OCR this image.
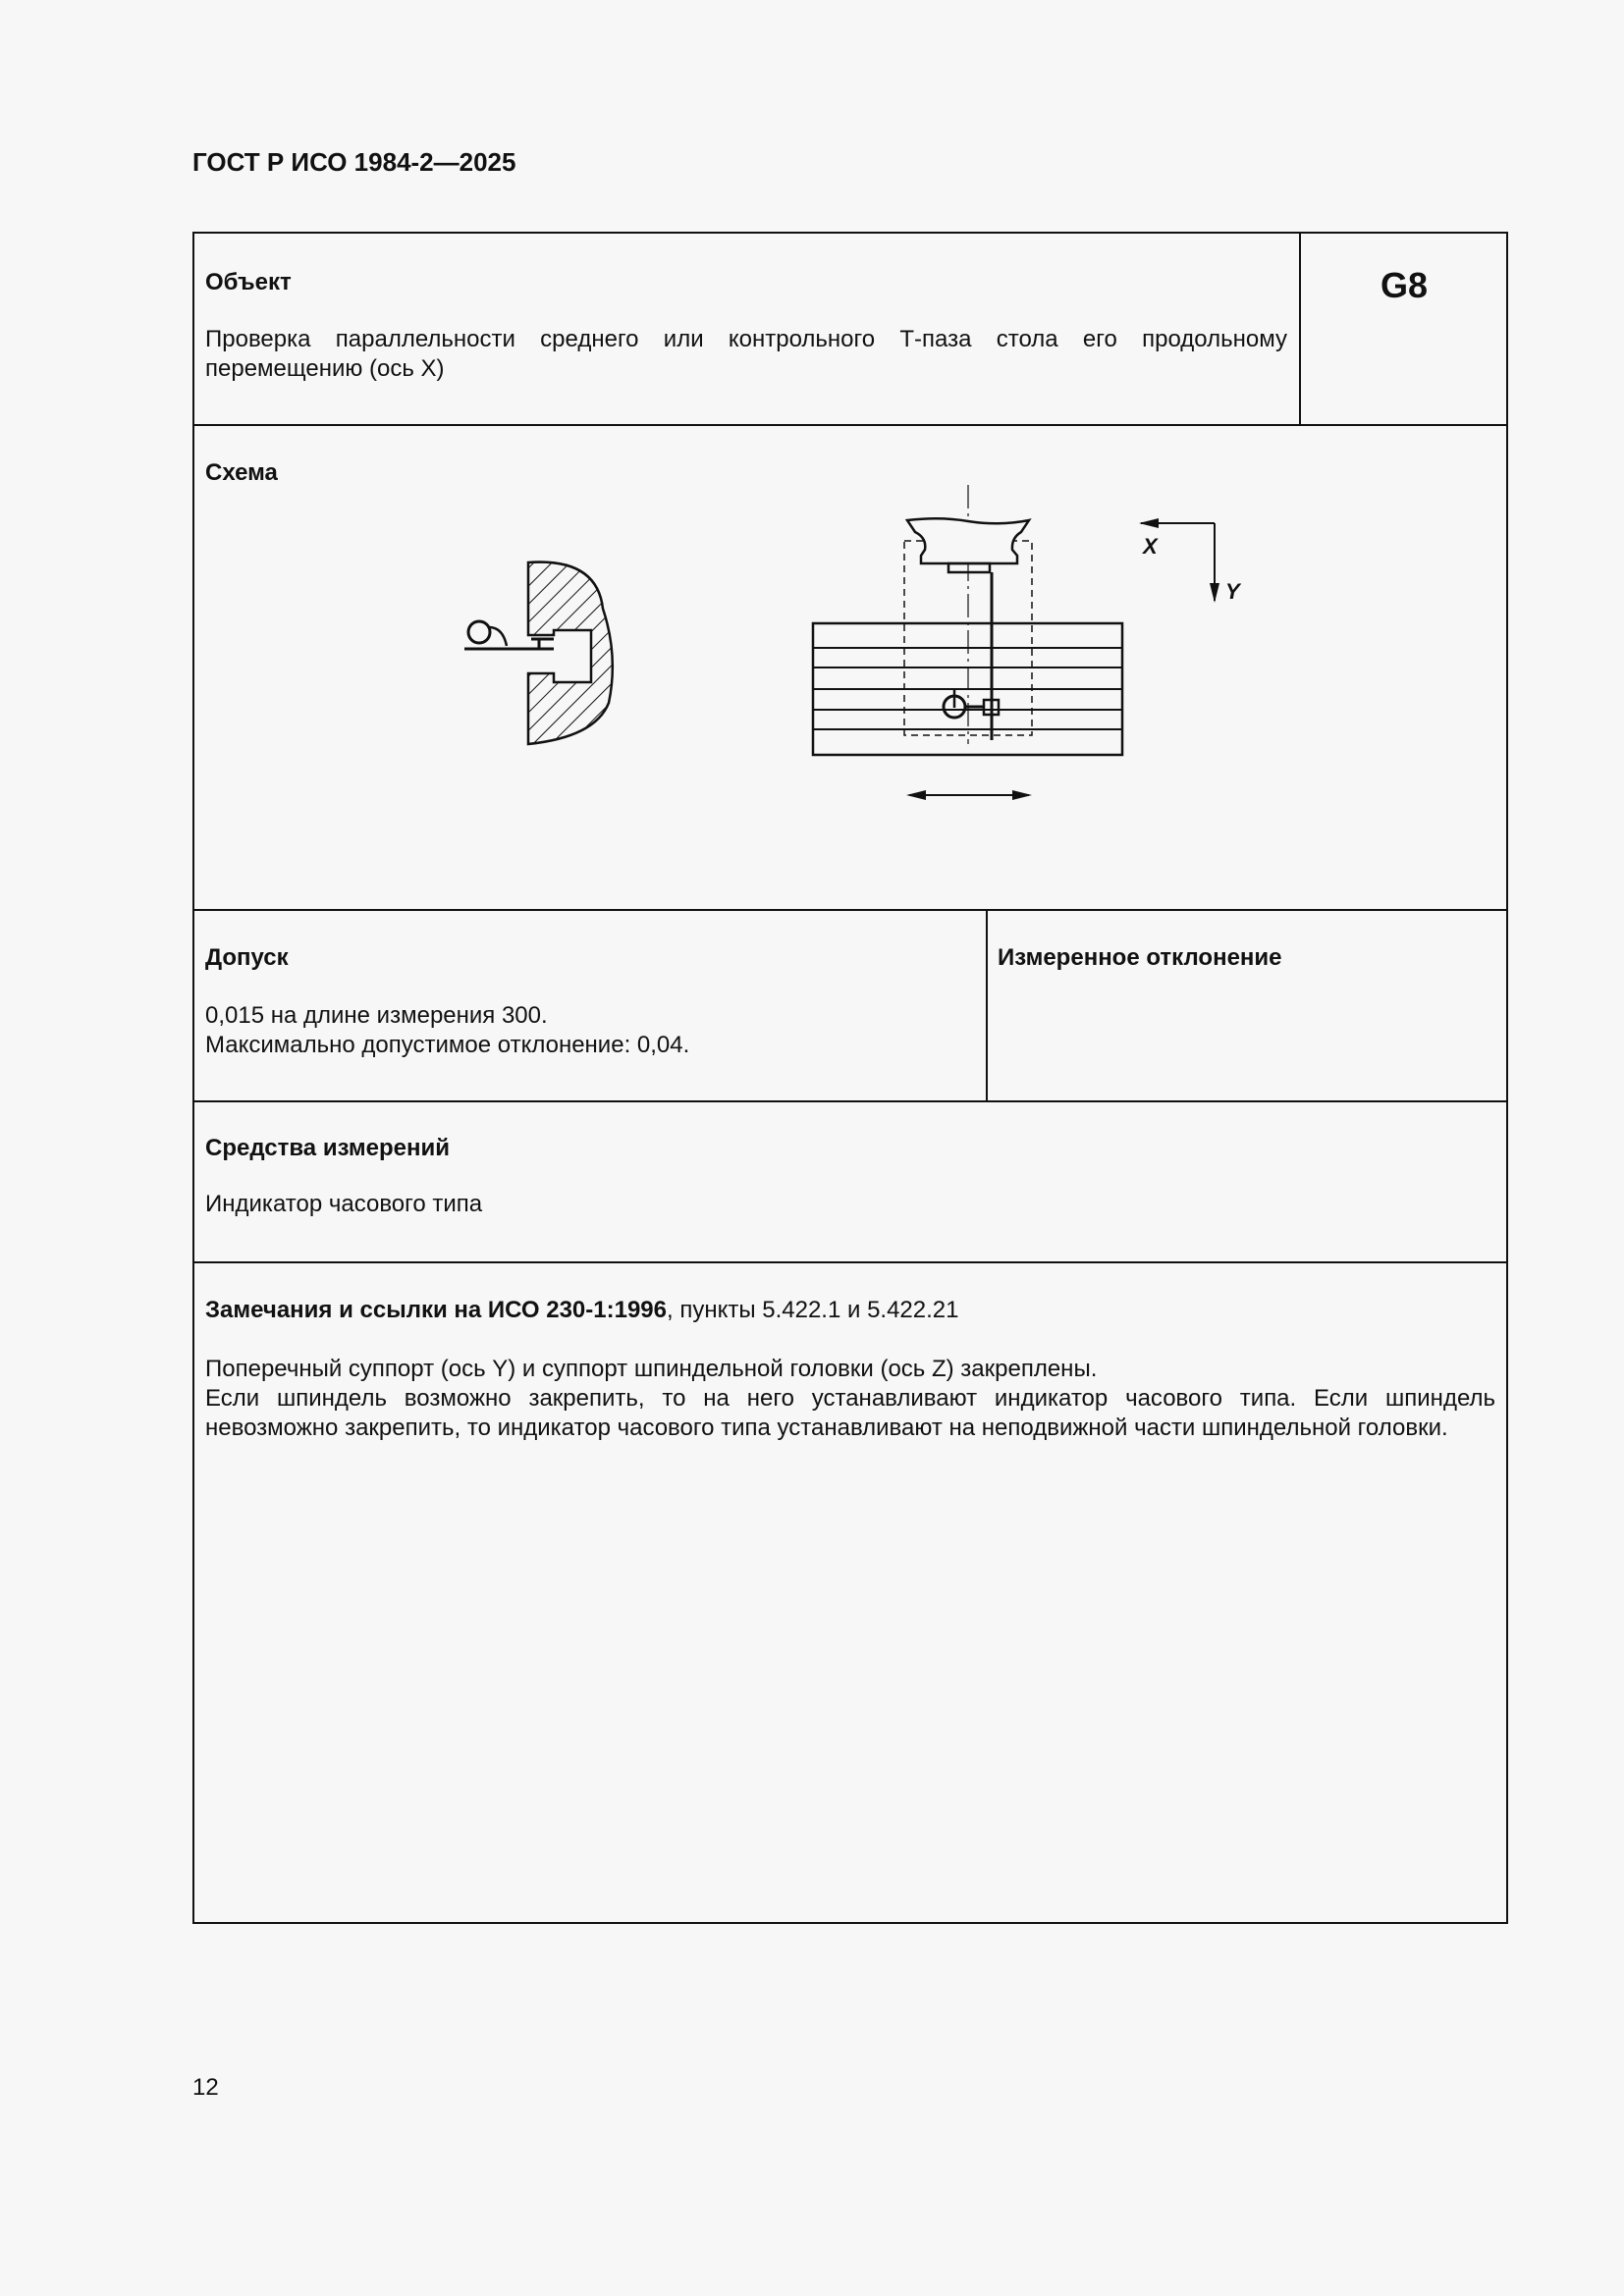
ГОСТ Р ИСО 1984-2—2025
Объект
Проверка параллельности среднего или контрольного Т-паза стола его продольному перемещению (ось X)
G8
Схема
X
Y
Допуск
0,015 на длине измерения 300.
Максимально допустимое отклонение: 0,04.
Измеренное отклонение
Средства измерений
Индикатор часового типа
Замечания и ссылки на ИСО 230-1:1996, пункты 5.422.1 и 5.422.21
Поперечный суппорт (ось Y) и суппорт шпиндельной головки (ось Z) закреплены.
Если шпиндель возможно закрепить, то на него устанавливают индикатор часового типа. Если шпиндель невозможно закрепить, то индикатор часового типа устанавливают на неподвижной части шпиндельной головки.
12
